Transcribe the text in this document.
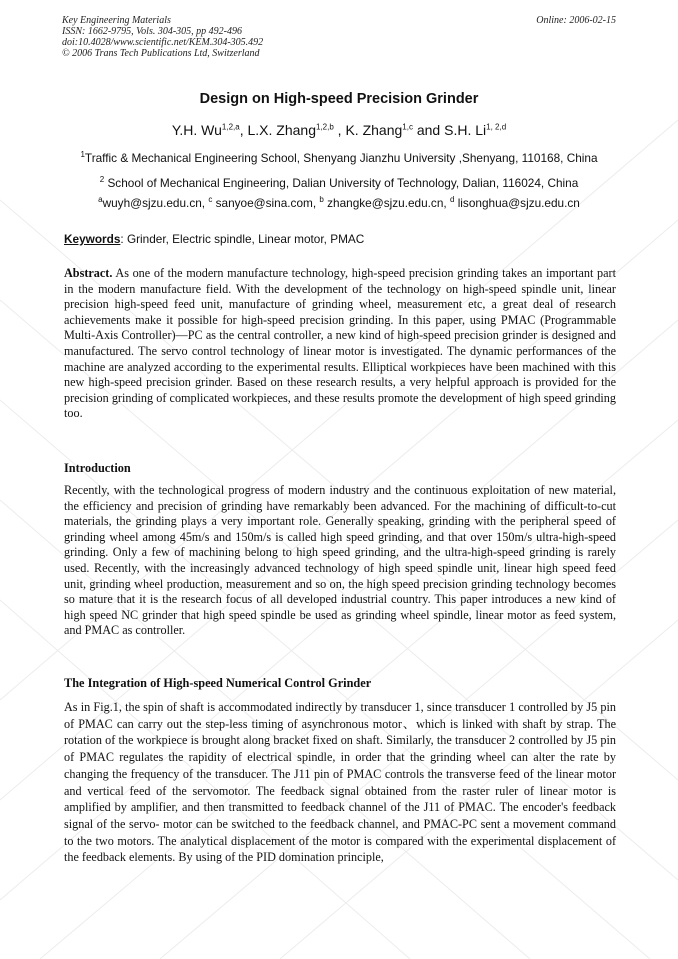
Key Engineering Materials
ISSN: 1662-9795, Vols. 304-305, pp 492-496
doi:10.4028/www.scientific.net/KEM.304-305.492
© 2006 Trans Tech Publications Ltd, Switzerland
Online: 2006-02-15
Design on High-speed Precision Grinder
Y.H. Wu$^{1,2,a}$, L.X. Zhang$^{1,2,b}$ , K. Zhang$^{1,c}$ and S.H. Li$^{1, 2,d}$
$^1$Traffic & Mechanical Engineering School, Shenyang Jianzhu University ,Shenyang, 110168, China
$^2$ School of Mechanical Engineering, Dalian University of Technology, Dalian, 116024, China
$^a$wuyh@sjzu.edu.cn, $^c$ sanyoe@sina.com, $^b$ zhangke@sjzu.edu.cn, $^d$ lisonghua@sjzu.edu.cn
Keywords: Grinder, Electric spindle, Linear motor, PMAC
Abstract. As one of the modern manufacture technology, high-speed precision grinding takes an important part in the modern manufacture field. With the development of the technology on high-speed spindle unit, linear precision high-speed feed unit, manufacture of grinding wheel, measurement etc, a great deal of research achievements make it possible for high-speed precision grinding. In this paper, using PMAC (Programmable Multi-Axis Controller)—PC as the central controller, a new kind of high-speed precision grinder is designed and manufactured. The servo control technology of linear motor is investigated. The dynamic performances of the machine are analyzed according to the experimental results. Elliptical workpieces have been machined with this new high-speed precision grinder. Based on these research results, a very helpful approach is provided for the precision grinding of complicated workpieces, and these results promote the development of high speed grinding too.
Introduction
Recently, with the technological progress of modern industry and the continuous exploitation of new material, the efficiency and precision of grinding have remarkably been advanced. For the machining of difficult-to-cut materials, the grinding plays a very important role. Generally speaking, grinding with the peripheral speed of grinding wheel among 45m/s and 150m/s is called high speed grinding, and that over 150m/s ultra-high-speed grinding. Only a few of machining belong to high speed grinding, and the ultra-high-speed grinding is rarely used. Recently, with the increasingly advanced technology of high speed spindle unit, linear high speed feed unit, grinding wheel production, measurement and so on, the high speed precision grinding technology becomes so mature that it is the research focus of all developed industrial country. This paper introduces a new kind of high speed NC grinder that high speed spindle be used as grinding wheel spindle, linear motor as feed system, and PMAC as controller.
The Integration of High-speed Numerical Control Grinder
As in Fig.1, the spin of shaft is accommodated indirectly by transducer 1, since transducer 1 controlled by J5 pin of PMAC can carry out the step-less timing of asynchronous motor、which is linked with shaft by strap. The rotation of the workpiece is brought along bracket fixed on shaft. Similarly, the transducer 2 controlled by J5 pin of PMAC regulates the rapidity of electrical spindle, in order that the grinding wheel can alter the rate by changing the frequency of the transducer. The J11 pin of PMAC controls the transverse feed of the linear motor and vertical feed of the servomotor. The feedback signal obtained from the raster ruler of linear motor is amplified by amplifier, and then transmitted to feedback channel of the J11 of PMAC. The encoder's feedback signal of the servo- motor can be switched to the feedback channel, and PMAC-PC sent a movement command to the two motors. The analytical displacement of the motor is compared with the experimental displacement of the feedback elements. By using of the PID domination principle,
